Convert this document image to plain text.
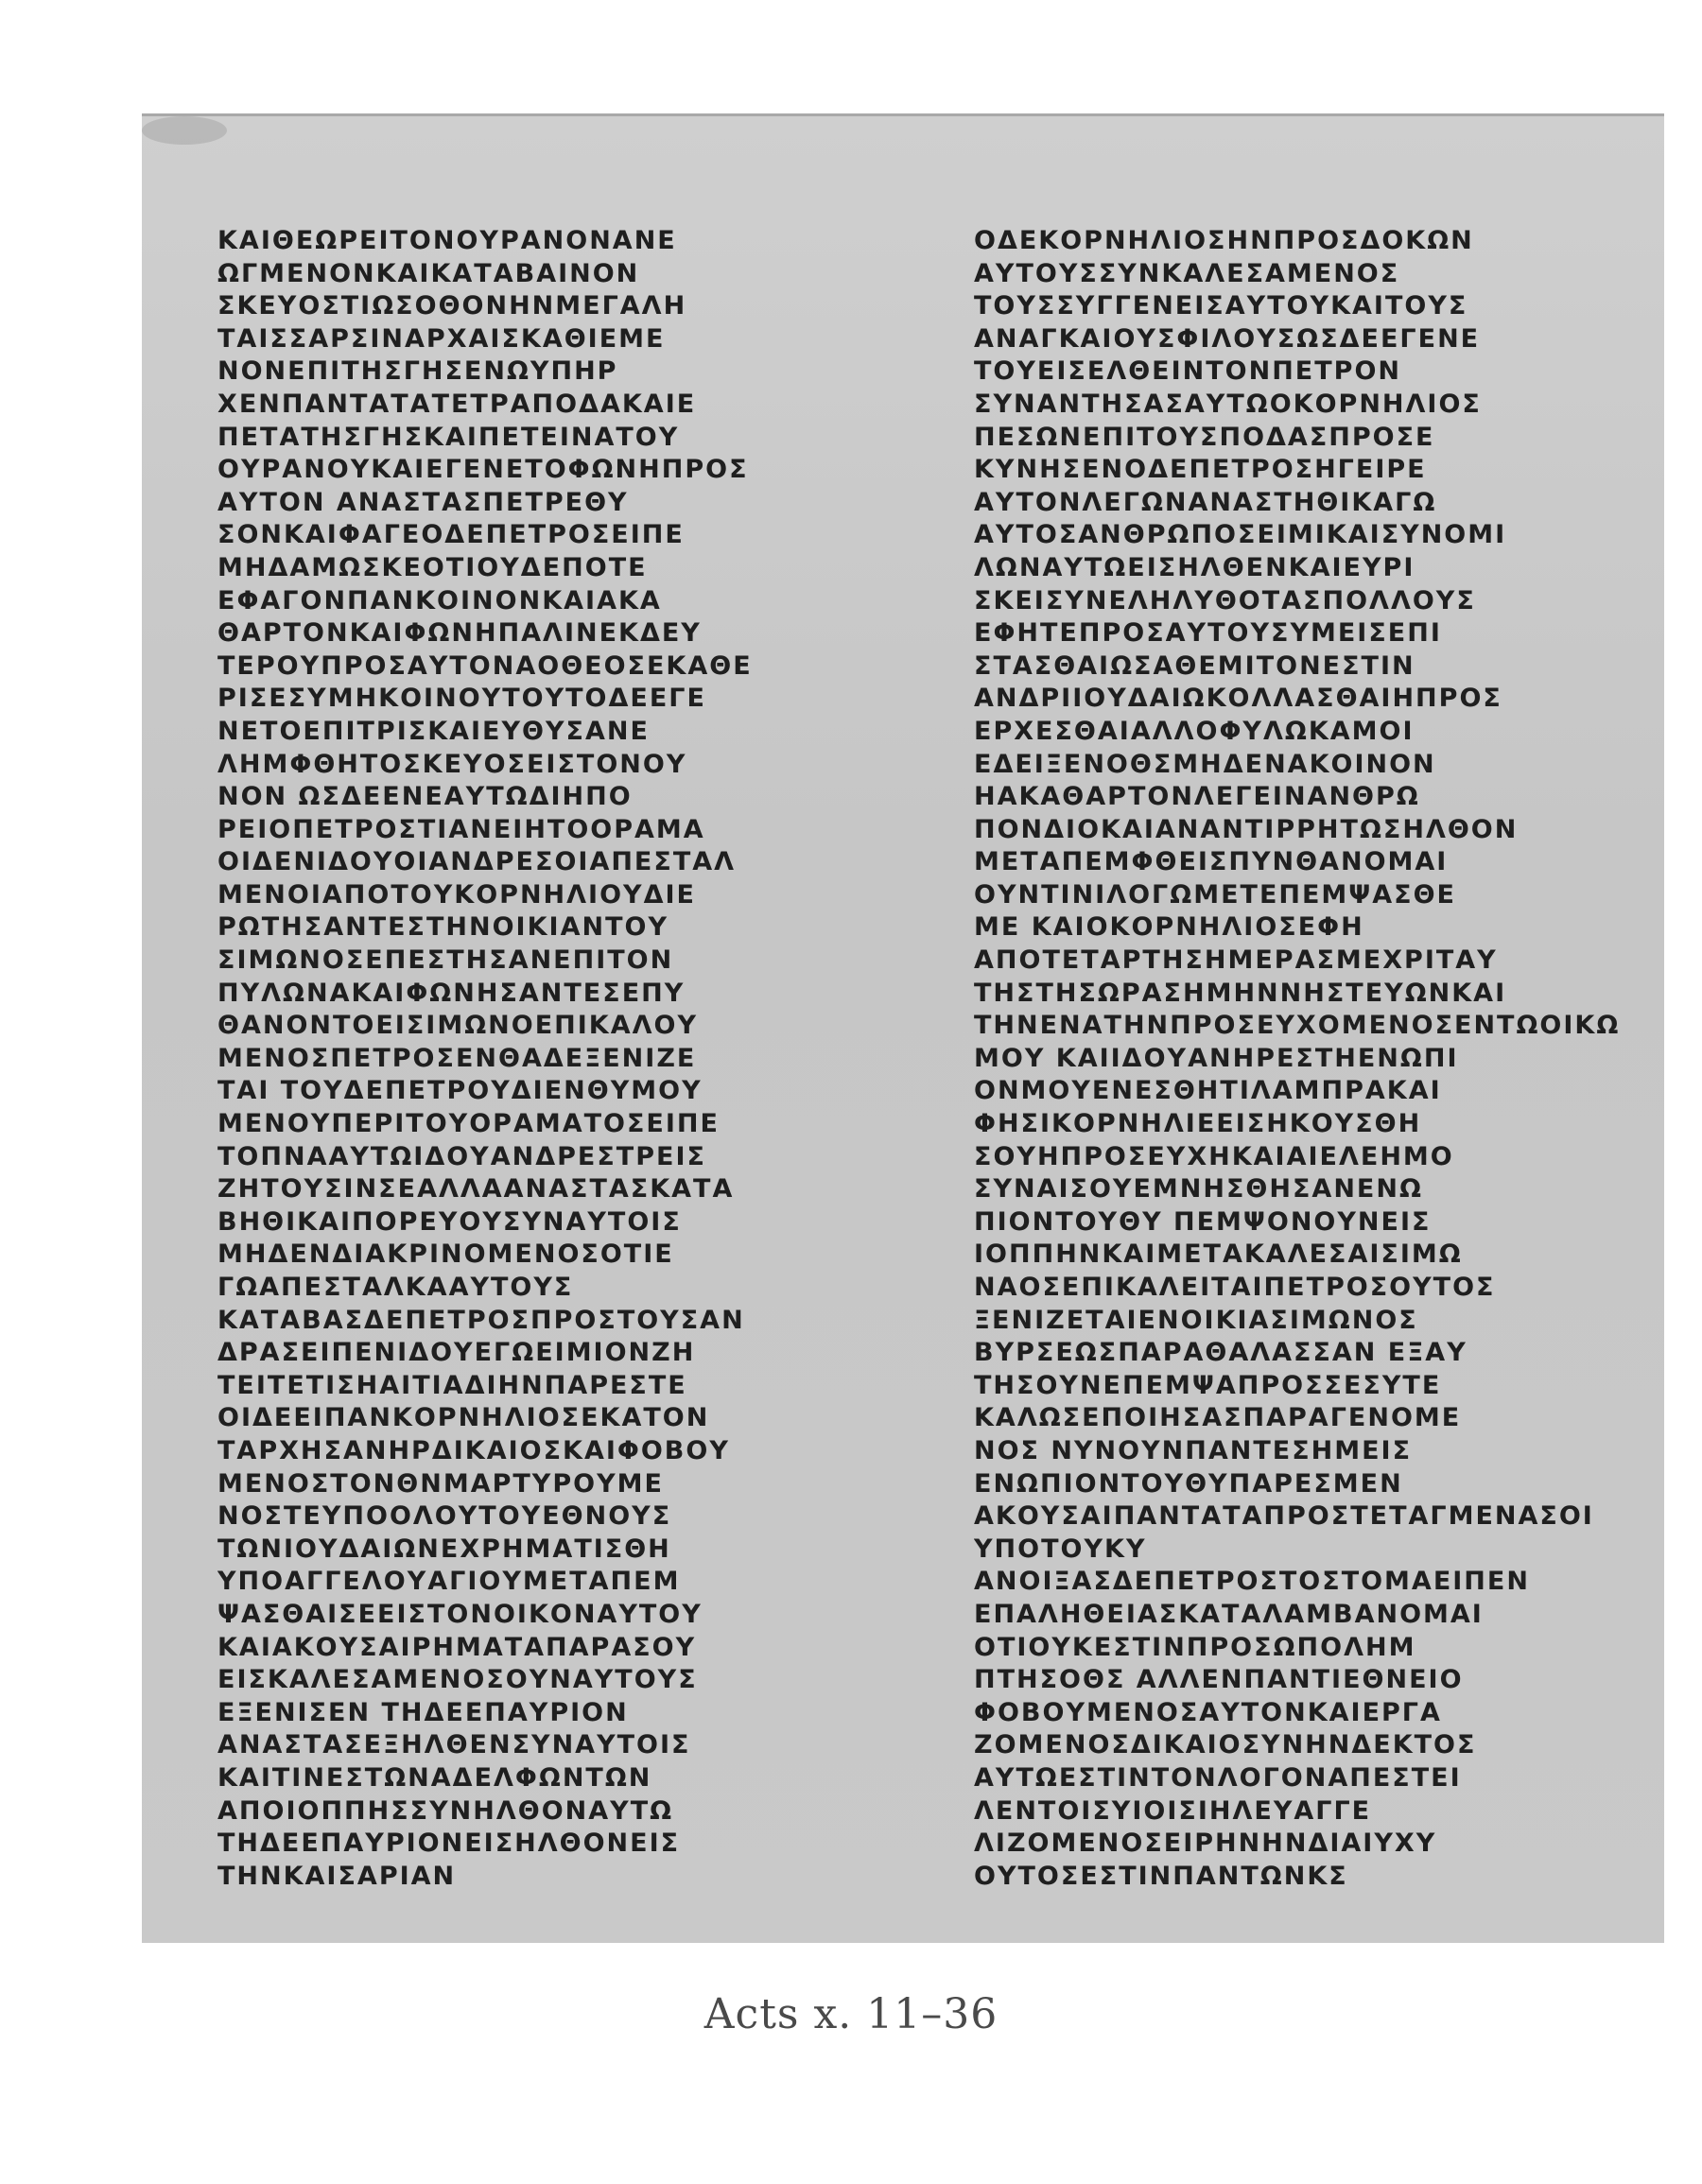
ΚΑΙΘΕΩΡΕΙΤΟΝΟΥΡΑΝΟΝΑΝΕ
ΩΓΜΕΝΟΝΚΑΙΚΑΤΑΒΑΙΝΟΝ
ΣΚΕΥΟΣΤΙΩΣΟΘΟΝΗΝΜΕΓΑΛΗ
ΤΑΙΣΣΑΡΣΙΝΑΡΧΑΙΣΚΑΘΙΕΜΕ
ΝΟΝΕΠΙΤΗΣΓΗΣΕΝΩΥΠΗΡ
ΧΕΝΠΑΝΤΑΤΑΤΕΤΡΑΠΟΔΑΚΑΙΕ
ΠΕΤΑΤΗΣΓΗΣΚΑΙΠΕΤΕΙΝΑΤΟΥ
ΟΥΡΑΝΟΥΚΑΙΕΓΕΝΕΤΟΦΩΝΗΠΡΟΣ
ΑΥΤΟΝ ΑΝΑΣΤΑΣΠΕΤΡΕΘΥ
ΣΟΝΚΑΙΦΑΓΕΟΔΕΠΕΤΡΟΣΕΙΠΕ
ΜΗΔΑΜΩΣΚΕΟΤΙΟΥΔΕΠΟΤΕ
ΕΦΑΓΟΝΠΑΝΚΟΙΝΟΝΚΑΙΑΚΑ
ΘΑΡΤΟΝΚΑΙΦΩΝΗΠΑΛΙΝΕΚΔΕΥ
ΤΕΡΟΥΠΡΟΣΑΥΤΟΝΑΟΘΕΟΣΕΚΑΘΕ
ΡΙΣΕΣΥΜΗΚΟΙΝΟΥΤΟΥΤΟΔΕΕΓΕ
ΝΕΤΟΕΠΙΤΡΙΣΚΑΙΕΥΘΥΣΑΝΕ
ΛΗΜΦΘΗΤΟΣΚΕΥΟΣΕΙΣΤΟΝΟΥ
ΝΟΝ ΩΣΔΕΕΝΕΑΥΤΩΔΙΗΠΟ
ΡΕΙΟΠΕΤΡΟΣΤΙΑΝΕΙΗΤΟΟΡΑΜΑ
ΟΙΔΕΝΙΔΟΥΟΙΑΝΔΡΕΣΟΙΑΠΕΣΤΑΛ
ΜΕΝΟΙΑΠΟΤΟΥΚΟΡΝΗΛΙΟΥΔΙΕ
ΡΩΤΗΣΑΝΤΕΣΤΗΝΟΙΚΙΑΝΤΟΥ
ΣΙΜΩΝΟΣΕΠΕΣΤΗΣΑΝΕΠΙΤΟΝ
ΠΥΛΩΝΑΚΑΙΦΩΝΗΣΑΝΤΕΣΕΠΥ
ΘΑΝΟΝΤΟΕΙΣΙΜΩΝΟΕΠΙΚΑΛΟΥ
ΜΕΝΟΣΠΕΤΡΟΣΕΝΘΑΔΕΞΕΝΙΖΕ
ΤΑΙ ΤΟΥΔΕΠΕΤΡΟΥΔΙΕΝΘΥΜΟΥ
ΜΕΝΟΥΠΕΡΙΤΟΥΟΡΑΜΑΤΟΣΕΙΠΕ
ΤΟΠΝΑΑΥΤΩΙΔΟΥΑΝΔΡΕΣΤΡΕΙΣ
ΖΗΤΟΥΣΙΝΣΕΑΛΛΑΑΝΑΣΤΑΣΚΑΤΑ
ΒΗΘΙΚΑΙΠΟΡΕΥΟΥΣΥΝΑΥΤΟΙΣ
ΜΗΔΕΝΔΙΑΚΡΙΝΟΜΕΝΟΣΟΤΙΕ
ΓΩΑΠΕΣΤΑΛΚΑΑΥΤΟΥΣ
ΚΑΤΑΒΑΣΔΕΠΕΤΡΟΣΠΡΟΣΤΟΥΣΑΝ
ΔΡΑΣΕΙΠΕΝΙΔΟΥΕΓΩΕΙΜΙΟΝΖΗ
ΤΕΙΤΕΤΙΣΗΑΙΤΙΑΔΙΗΝΠΑΡΕΣΤΕ
ΟΙΔΕΕΙΠΑΝΚΟΡΝΗΛΙΟΣΕΚΑΤΟΝ
ΤΑΡΧΗΣΑΝΗΡΔΙΚΑΙΟΣΚΑΙΦΟΒΟΥ
ΜΕΝΟΣΤΟΝΘΝΜΑΡΤΥΡΟΥΜΕ
ΝΟΣΤΕΥΠΟΟΛΟΥΤΟΥΕΘΝΟΥΣ
ΤΩΝΙΟΥΔΑΙΩΝΕΧΡΗΜΑΤΙΣΘΗ
ΥΠΟΑΓΓΕΛΟΥΑΓΙΟΥΜΕΤΑΠΕΜ
ΨΑΣΘΑΙΣΕΕΙΣΤΟΝΟΙΚΟΝΑΥΤΟΥ
ΚΑΙΑΚΟΥΣΑΙΡΗΜΑΤΑΠΑΡΑΣΟΥ
ΕΙΣΚΑΛΕΣΑΜΕΝΟΣΟΥΝΑΥΤΟΥΣ
ΕΞΕΝΙΣΕΝ ΤΗΔΕΕΠΑΥΡΙΟΝ
ΑΝΑΣΤΑΣΕΞΗΛΘΕΝΣΥΝΑΥΤΟΙΣ
ΚΑΙΤΙΝΕΣΤΩΝΑΔΕΛΦΩΝΤΩΝ
ΑΠΟΙΟΠΠΗΣΣΥΝΗΛΘΟΝΑΥΤΩ
ΤΗΔΕΕΠΑΥΡΙΟΝΕΙΣΗΛΘΟΝΕΙΣ
ΤΗΝΚΑΙΣΑΡΙΑΝ
ΟΔΕΚΟΡΝΗΛΙΟΣΗΝΠΡΟΣΔΟΚΩΝ
ΑΥΤΟΥΣΣΥΝΚΑΛΕΣΑΜΕΝΟΣ
ΤΟΥΣΣΥΓΓΕΝΕΙΣΑΥΤΟΥΚΑΙΤΟΥΣ
ΑΝΑΓΚΑΙΟΥΣΦΙΛΟΥΣΩΣΔΕΕΓΕΝΕ
ΤΟΥΕΙΣΕΛΘΕΙΝΤΟΝΠΕΤΡΟΝ
ΣΥΝΑΝΤΗΣΑΣΑΥΤΩΟΚΟΡΝΗΛΙΟΣ
ΠΕΣΩΝΕΠΙΤΟΥΣΠΟΔΑΣΠΡΟΣΕ
ΚΥΝΗΣΕΝΟΔΕΠΕΤΡΟΣΗΓΕΙΡΕ
ΑΥΤΟΝΛΕΓΩΝΑΝΑΣΤΗΘΙΚΑΓΩ
ΑΥΤΟΣΑΝΘΡΩΠΟΣΕΙΜΙΚΑΙΣΥΝΟΜΙ
ΛΩΝΑΥΤΩΕΙΣΗΛΘΕΝΚΑΙΕΥΡΙ
ΣΚΕΙΣΥΝΕΛΗΛΥΘΟΤΑΣΠΟΛΛΟΥΣ
ΕΦΗΤΕΠΡΟΣΑΥΤΟΥΣΥΜΕΙΣΕΠΙ
ΣΤΑΣΘΑΙΩΣΑΘΕΜΙΤΟΝΕΣΤΙΝ
ΑΝΔΡΙΙΟΥΔΑΙΩΚΟΛΛΑΣΘΑΙΗΠΡΟΣ
ΕΡΧΕΣΘΑΙΑΛΛΟΦΥΛΩΚΑΜΟΙ
ΕΔΕΙΞΕΝΟΘΣΜΗΔΕΝΑΚΟΙΝΟΝ
ΗΑΚΑΘΑΡΤΟΝΛΕΓΕΙΝΑΝΘΡΩ
ΠΟΝΔΙΟΚΑΙΑΝΑΝΤΙΡΡΗΤΩΣΗΛΘΟΝ
ΜΕΤΑΠΕΜΦΘΕΙΣΠΥΝΘΑΝΟΜΑΙ
ΟΥΝΤΙΝΙΛΟΓΩΜΕΤΕΠΕΜΨΑΣΘΕ
ΜΕ ΚΑΙΟΚΟΡΝΗΛΙΟΣΕΦΗ
ΑΠΟΤΕΤΑΡΤΗΣΗΜΕΡΑΣΜΕΧΡΙΤΑΥ
ΤΗΣΤΗΣΩΡΑΣΗΜΗΝΝΗΣΤΕΥΩΝΚΑΙ
ΤΗΝΕΝΑΤΗΝΠΡΟΣΕΥΧΟΜΕΝΟΣΕΝΤΩΟΙΚΩ
ΜΟΥ ΚΑΙΙΔΟΥΑΝΗΡΕΣΤΗΕΝΩΠΙ
ΟΝΜΟΥΕΝΕΣΘΗΤΙΛΑΜΠΡΑΚΑΙ
ΦΗΣΙΚΟΡΝΗΛΙΕΕΙΣΗΚΟΥΣΘΗ
ΣΟΥΗΠΡΟΣΕΥΧΗΚΑΙΑΙΕΛΕΗΜΟ
ΣΥΝΑΙΣΟΥΕΜΝΗΣΘΗΣΑΝΕΝΩ
ΠΙΟΝΤΟΥΘΥ ΠΕΜΨΟΝΟΥΝΕΙΣ
ΙΟΠΠΗΝΚΑΙΜΕΤΑΚΑΛΕΣΑΙΣΙΜΩ
ΝΑΟΣΕΠΙΚΑΛΕΙΤΑΙΠΕΤΡΟΣΟΥΤΟΣ
ΞΕΝΙΖΕΤΑΙΕΝΟΙΚΙΑΣΙΜΩΝΟΣ
ΒΥΡΣΕΩΣΠΑΡΑΘΑΛΑΣΣΑΝ ΕΞΑΥ
ΤΗΣΟΥΝΕΠΕΜΨΑΠΡΟΣΣΕΣΥΤΕ
ΚΑΛΩΣΕΠΟΙΗΣΑΣΠΑΡΑΓΕΝΟΜΕ
ΝΟΣ ΝΥΝΟΥΝΠΑΝΤΕΣΗΜΕΙΣ
ΕΝΩΠΙΟΝΤΟΥΘΥΠΑΡΕΣΜΕΝ
ΑΚΟΥΣΑΙΠΑΝΤΑΤΑΠΡΟΣΤΕΤΑΓΜΕΝΑΣΟΙ
ΥΠΟΤΟΥΚΥ
ΑΝΟΙΞΑΣΔΕΠΕΤΡΟΣΤΟΣΤΟΜΑΕΙΠΕΝ
ΕΠΑΛΗΘΕΙΑΣΚΑΤΑΛΑΜΒΑΝΟΜΑΙ
ΟΤΙΟΥΚΕΣΤΙΝΠΡΟΣΩΠΟΛΗΜ
ΠΤΗΣΟΘΣ ΑΛΛΕΝΠΑΝΤΙΕΘΝΕΙΟ
ΦΟΒΟΥΜΕΝΟΣΑΥΤΟΝΚΑΙΕΡΓΑ
ΖΟΜΕΝΟΣΔΙΚΑΙΟΣΥΝΗΝΔΕΚΤΟΣ
ΑΥΤΩΕΣΤΙΝΤΟΝΛΟΓΟΝΑΠΕΣΤΕΙ
ΛΕΝΤΟΙΣΥΙΟΙΣΙΗΛΕΥΑΓΓΕ
ΛΙΖΟΜΕΝΟΣΕΙΡΗΝΗΝΔΙΑΙΥΧΥ
ΟΥΤΟΣΕΣΤΙΝΠΑΝΤΩΝΚΣ
Acts x. 11–36
